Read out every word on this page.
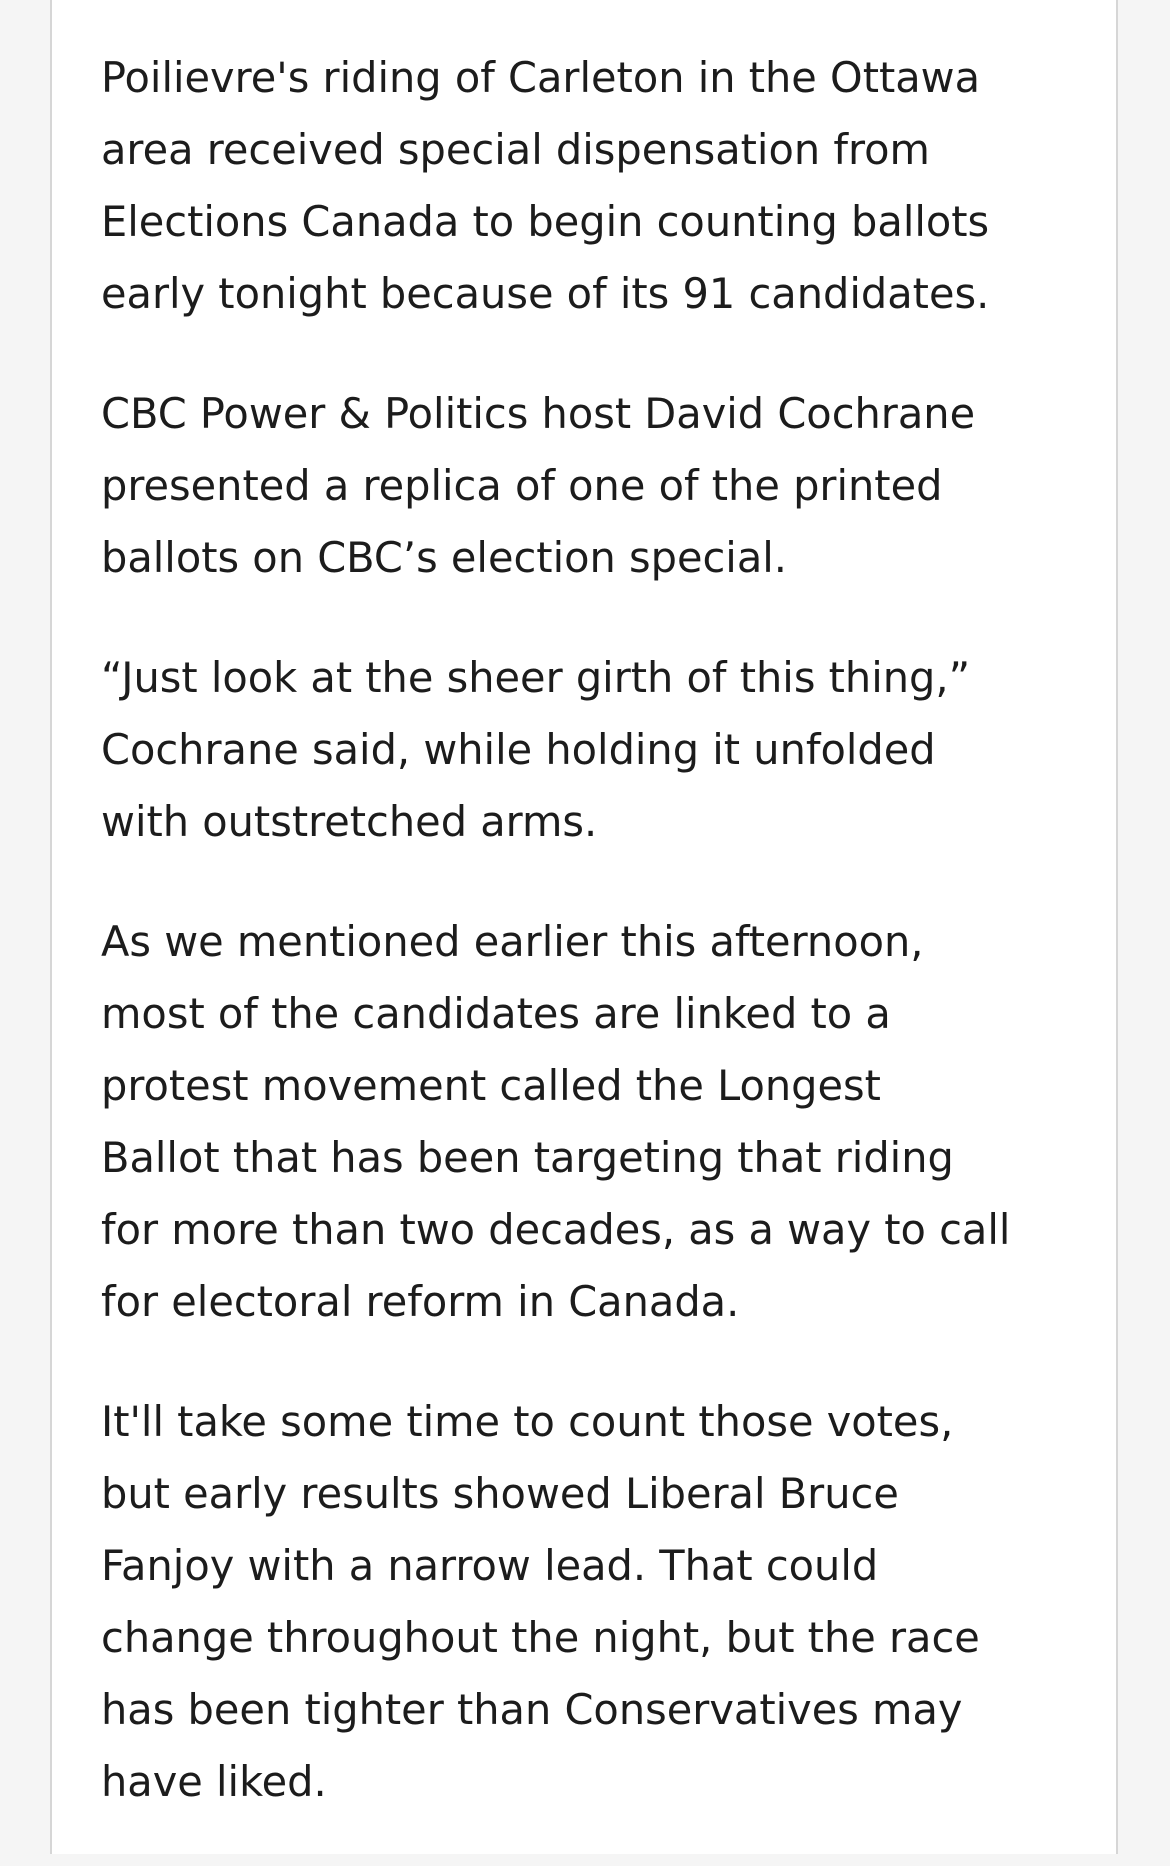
Poilievre's riding of Carleton in the Ottawa
area received special dispensation from
Elections Canada to begin counting ballots
early tonight because of its 91 candidates.

CBC Power & Politics host David Cochrane
presented a replica of one of the printed
ballots on CBC’s election special.

“Just look at the sheer girth of this thing,”
Cochrane said, while holding it unfolded
with outstretched arms.

As we mentioned earlier this afternoon,
most of the candidates are linked to a
protest movement called the Longest
Ballot that has been targeting that riding
for more than two decades, as a way to call
for electoral reform in Canada.

It'll take some time to count those votes,
but early results showed Liberal Bruce
Fanjoy with a narrow lead. That could
change throughout the night, but the race
has been tighter than Conservatives may
have liked.
